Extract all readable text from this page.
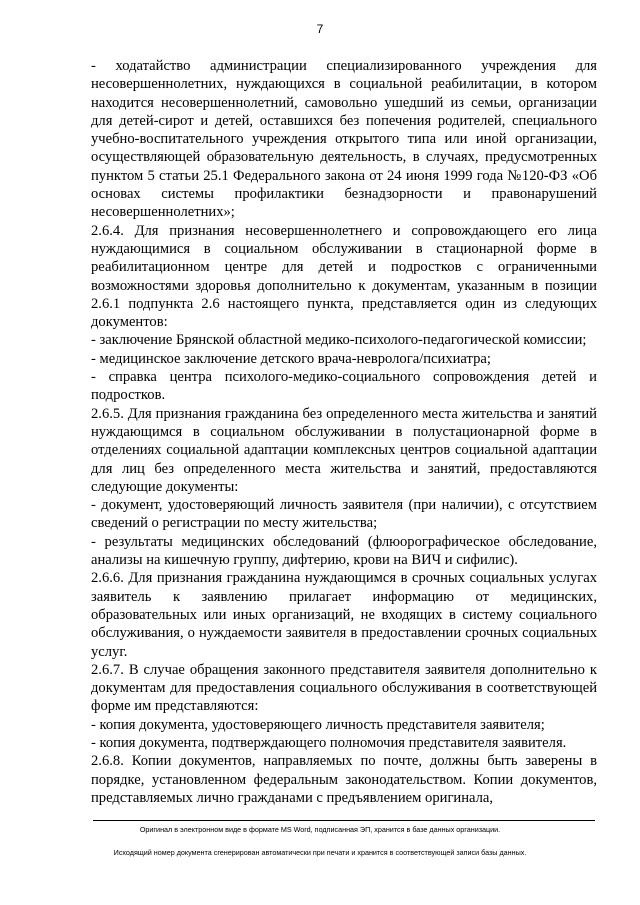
7

- ходатайство администрации специализированного учреждения для несовершеннолетних, нуждающихся в социальной реабилитации, в котором находится несовершеннолетний, самовольно ушедший из семьи, организации для детей-сирот и детей, оставшихся без попечения родителей, специального учебно-воспитательного учреждения открытого типа или иной организации, осуществляющей образовательную деятельность, в случаях, предусмотренных пунктом 5 статьи 25.1 Федерального закона от 24 июня 1999 года №120-ФЗ «Об основах системы профилактики безнадзорности и правонарушений несовершеннолетних»;

2.6.4. Для признания несовершеннолетнего и сопровождающего его лица нуждающимися в социальном обслуживании в стационарной форме в реабилитационном центре для детей и подростков с ограниченными возможностями здоровья дополнительно к документам, указанным в позиции 2.6.1 подпункта 2.6 настоящего пункта, представляется один из следующих документов:

- заключение Брянской областной медико-психолого-педагогической комиссии;

- медицинское заключение детского врача-невролога/психиатра;

- справка центра психолого-медико-социального сопровождения детей и подростков.

2.6.5. Для признания гражданина без определенного места жительства и занятий нуждающимся в социальном обслуживании в полустационарной форме в отделениях социальной адаптации комплексных центров социальной адаптации для лиц без определенного места жительства и занятий, предоставляются следующие документы:

- документ, удостоверяющий личность заявителя (при наличии), с отсутствием сведений о регистрации по месту жительства;

- результаты медицинских обследований (флюорографическое обследование, анализы на кишечную группу, дифтерию, крови на ВИЧ и сифилис).

2.6.6. Для признания гражданина нуждающимся в срочных социальных услугах заявитель к заявлению прилагает информацию от медицинских, образовательных или иных организаций, не входящих в систему социального обслуживания, о нуждаемости заявителя в предоставлении срочных социальных услуг.

2.6.7. В случае обращения законного представителя заявителя дополнительно к документам для предоставления социального обслуживания в соответствующей форме им представляются:

- копия документа, удостоверяющего личность представителя заявителя;

- копия документа, подтверждающего полномочия представителя заявителя.

2.6.8. Копии документов, направляемых по почте, должны быть заверены в порядке, установленном федеральным законодательством. Копии документов, представляемых лично гражданами с предъявлением оригинала,

Оригинал в электронном виде в формате MS Word, подписанная ЭП, хранится в базе данных организации.
Исходящий номер документа сгенерирован автоматически при печати и хранится в соответствующей записи базы данных.
